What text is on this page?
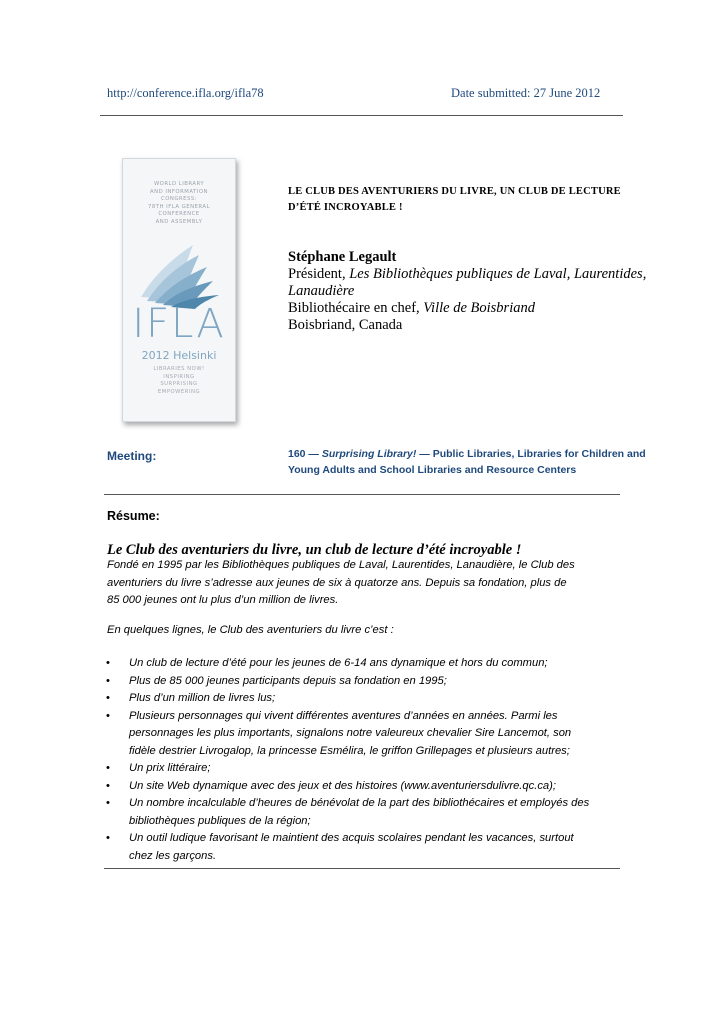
http://conference.ifla.org/ifla78	Date submitted: 27 June 2012
WORLD LIBRARY
AND INFORMATION
CONGRESS:
78TH IFLA GENERAL
CONFERENCE
AND ASSEMBLY
IFLA
2012 Helsinki
LIBRARIES NOW!
INSPIRING
SURPRISING
EMPOWERING
LE CLUB DES AVENTURIERS DU LIVRE, UN CLUB DE LECTURE
D’ÉTÉ INCROYABLE !
Stéphane Legault
Président, Les Bibliothèques publiques de Laval, Laurentides,
Lanaudière
Bibliothécaire en chef, Ville de Boisbriand
Boisbriand, Canada
Meeting:	160 — Surprising Library! — Public Libraries, Libraries for Children and
Young Adults and School Libraries and Resource Centers
Résume:
Le Club des aventuriers du livre, un club de lecture d’été incroyable !
Fondé en 1995 par les Bibliothèques publiques de Laval, Laurentides, Lanaudière, le Club des
aventuriers du livre s’adresse aux jeunes de six à quatorze ans. Depuis sa fondation, plus de
85 000 jeunes ont lu plus d’un million de livres.
En quelques lignes, le Club des aventuriers du livre c’est :
• Un club de lecture d’été pour les jeunes de 6-14 ans dynamique et hors du commun;
• Plus de 85 000 jeunes participants depuis sa fondation en 1995;
• Plus d’un million de livres lus;
• Plusieurs personnages qui vivent différentes aventures d’années en années. Parmi les
personnages les plus importants, signalons notre valeureux chevalier Sire Lancemot, son
fidèle destrier Livrogalop, la princesse Esmélira, le griffon Grillepages et plusieurs autres;
• Un prix littéraire;
• Un site Web dynamique avec des jeux et des histoires (www.aventuriersdulivre.qc.ca);
• Un nombre incalculable d’heures de bénévolat de la part des bibliothécaires et employés des
bibliothèques publiques de la région;
• Un outil ludique favorisant le maintient des acquis scolaires pendant les vacances, surtout
chez les garçons.
